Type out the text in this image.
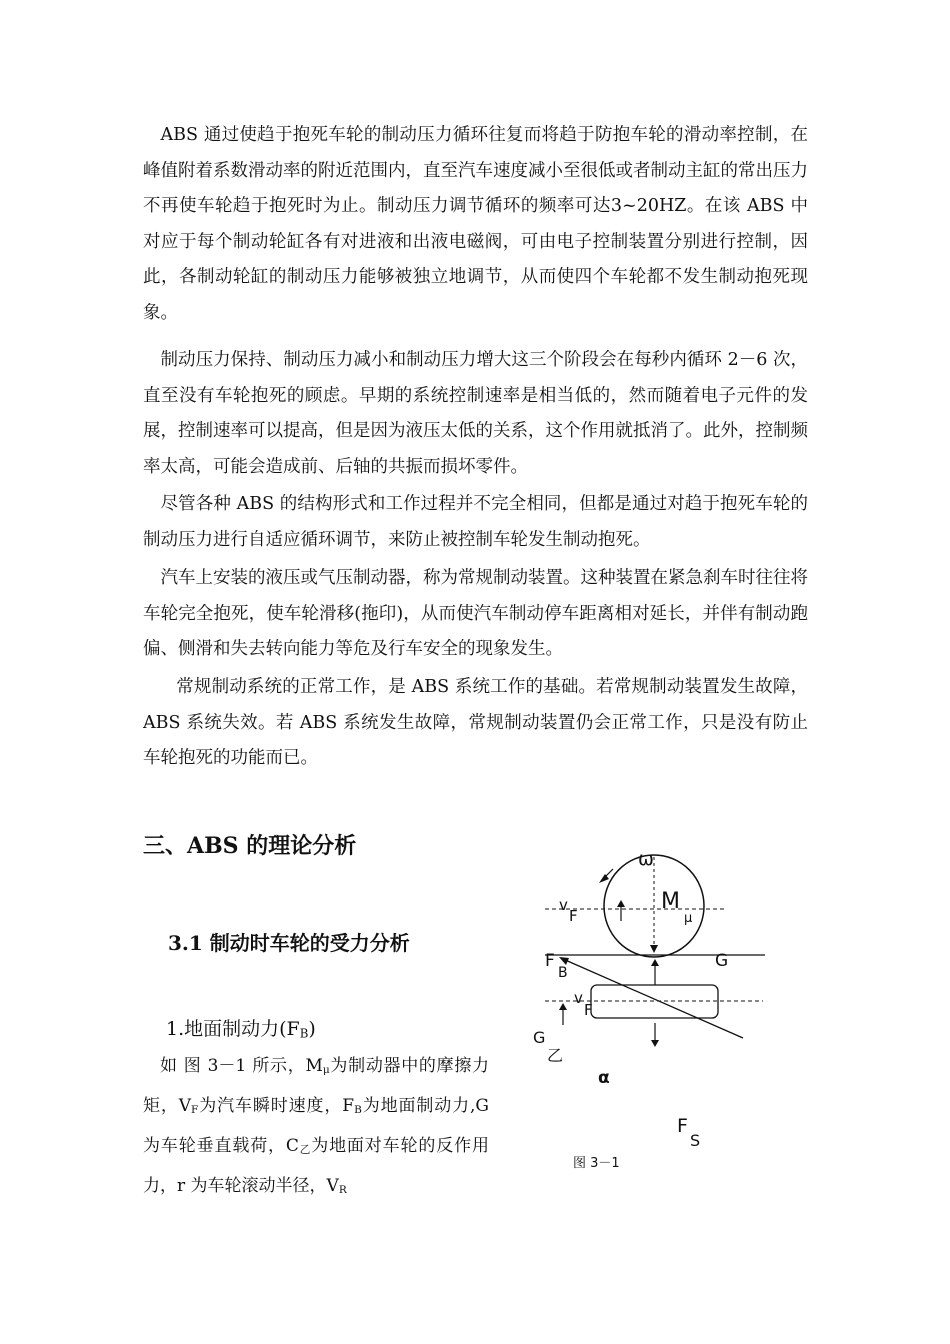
ABS 通过使趋于抱死车轮的制动压力循环往复而将趋于防抱车轮的滑动率控制，在峰值附着系数滑动率的附近范围内，直至汽车速度减小至很低或者制动主缸的常出压力不再使车轮趋于抱死时为止。制动压力调节循环的频率可达3~20HZ。在该 ABS 中对应于每个制动轮缸各有对进液和出液电磁阀，可由电子控制装置分别进行控制，因此，各制动轮缸的制动压力能够被独立地调节，从而使四个车轮都不发生制动抱死现象。

制动压力保持、制动压力减小和制动压力增大这三个阶段会在每秒内循环 2－6 次，直至没有车轮抱死的顾虑。早期的系统控制速率是相当低的，然而随着电子元件的发展，控制速率可以提高，但是因为液压太低的关系，这个作用就抵消了。此外，控制频率太高，可能会造成前、后轴的共振而损坏零件。

尽管各种 ABS 的结构形式和工作过程并不完全相同，但都是通过对趋于抱死车轮的制动压力进行自适应循环调节，来防止被控制车轮发生制动抱死。

汽车上安装的液压或气压制动器，称为常规制动装置。这种装置在紧急刹车时往往将车轮完全抱死，使车轮滑移(拖印)，从而使汽车制动停车距离相对延长，并伴有制动跑偏、侧滑和失去转向能力等危及行车安全的现象发生。

常规制动系统的正常工作，是 ABS 系统工作的基础。若常规制动装置发生故障，ABS 系统失效。若 ABS 系统发生故障，常规制动装置仍会正常工作，只是没有防止车轮抱死的功能而已。

三、ABS 的理论分析
3.1 制动时车轮的受力分析

1.地面制动力$(F_B)$

如 图 3－1 所示，$M_\mu$为制动器中的摩擦力矩，$V_F$为汽车瞬时速度，$F_B$为地面制动力,G 为车轮垂直载荷，$C_乙$为地面对车轮的反作用力，r 为车轮滚动半径，$V_R$

ω
M
μ
v
F
F
B
G
v
F
G
乙
α
F
S

图 3－1
